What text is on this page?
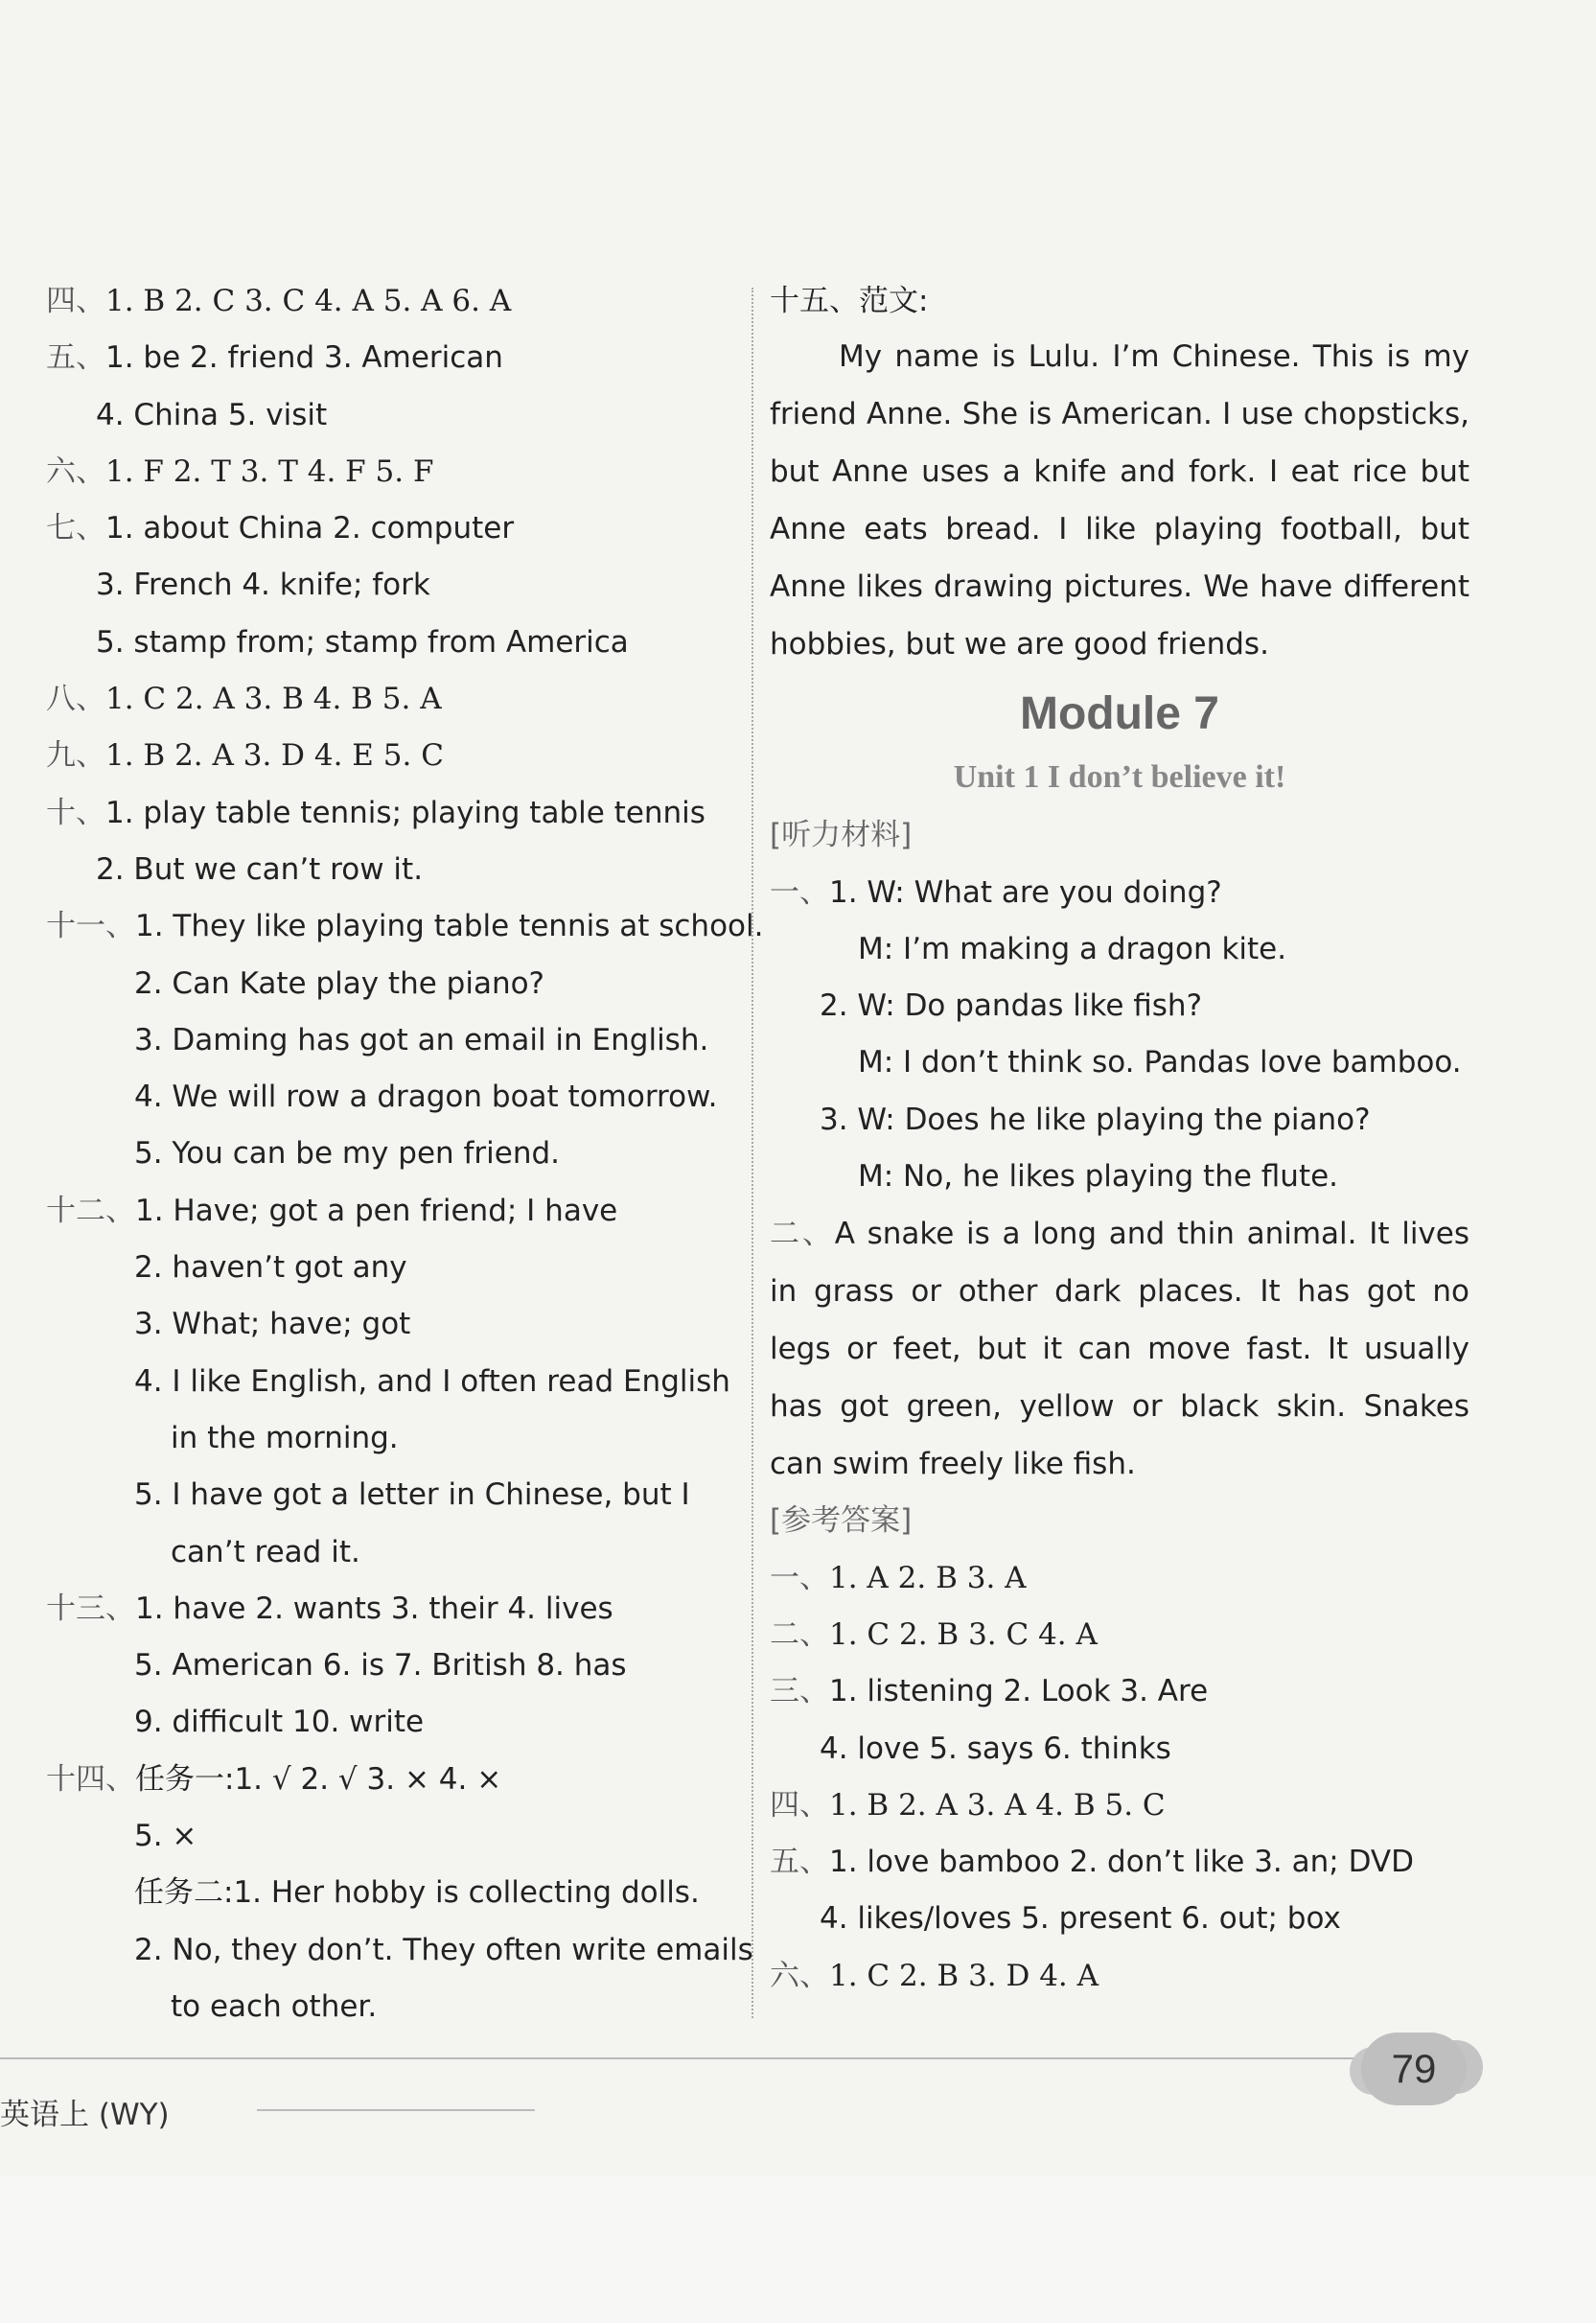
四、1. B 2. C 3. C 4. A 5. A 6. A
五、1. be 2. friend 3. American
4. China 5. visit
六、1. F 2. T 3. T 4. F 5. F
七、1. about China 2. computer
3. French 4. knife; fork
5. stamp from; stamp from America
八、1. C 2. A 3. B 4. B 5. A
九、1. B 2. A 3. D 4. E 5. C
十、1. play table tennis; playing table tennis
2. But we can’t row it.
十一、1. They like playing table tennis at school.
2. Can Kate play the piano?
3. Daming has got an email in English.
4. We will row a dragon boat tomorrow.
5. You can be my pen friend.
十二、1. Have; got a pen friend; I have
2. haven’t got any
3. What; have; got
4. I like English, and I often read English
in the morning.
5. I have got a letter in Chinese, but I
can’t read it.
十三、1. have 2. wants 3. their 4. lives
5. American 6. is 7. British 8. has
9. difficult 10. write
十四、任务一:1. √ 2. √ 3. × 4. ×
5. ×
任务二:1. Her hobby is collecting dolls.
2. No, they don’t. They often write emails
to each other.
十五、范文:
My name is Lulu. I’m Chinese. This is my friend Anne. She is American. I use chopsticks, but Anne uses a knife and fork. I eat rice but Anne eats bread. I like playing football, but Anne likes drawing pictures. We have different hobbies, but we are good friends.
Module 7
Unit 1 I don’t believe it!
[听力材料]
一、1. W: What are you doing?
M: I’m making a dragon kite.
2. W: Do pandas like fish?
M: I don’t think so. Pandas love bamboo.
3. W: Does he like playing the piano?
M: No, he likes playing the flute.
二、A snake is a long and thin animal. It lives in grass or other dark places. It has got no legs or feet, but it can move fast. It usually has got green, yellow or black skin. Snakes can swim freely like fish.
[参考答案]
一、1. A 2. B 3. A
二、1. C 2. B 3. C 4. A
三、1. listening 2. Look 3. Are
4. love 5. says 6. thinks
四、1. B 2. A 3. A 4. B 5. C
五、1. love bamboo 2. don’t like 3. an; DVD
4. likes/loves 5. present 6. out; box
六、1. C 2. B 3. D 4. A
英语上 (WY)
79
